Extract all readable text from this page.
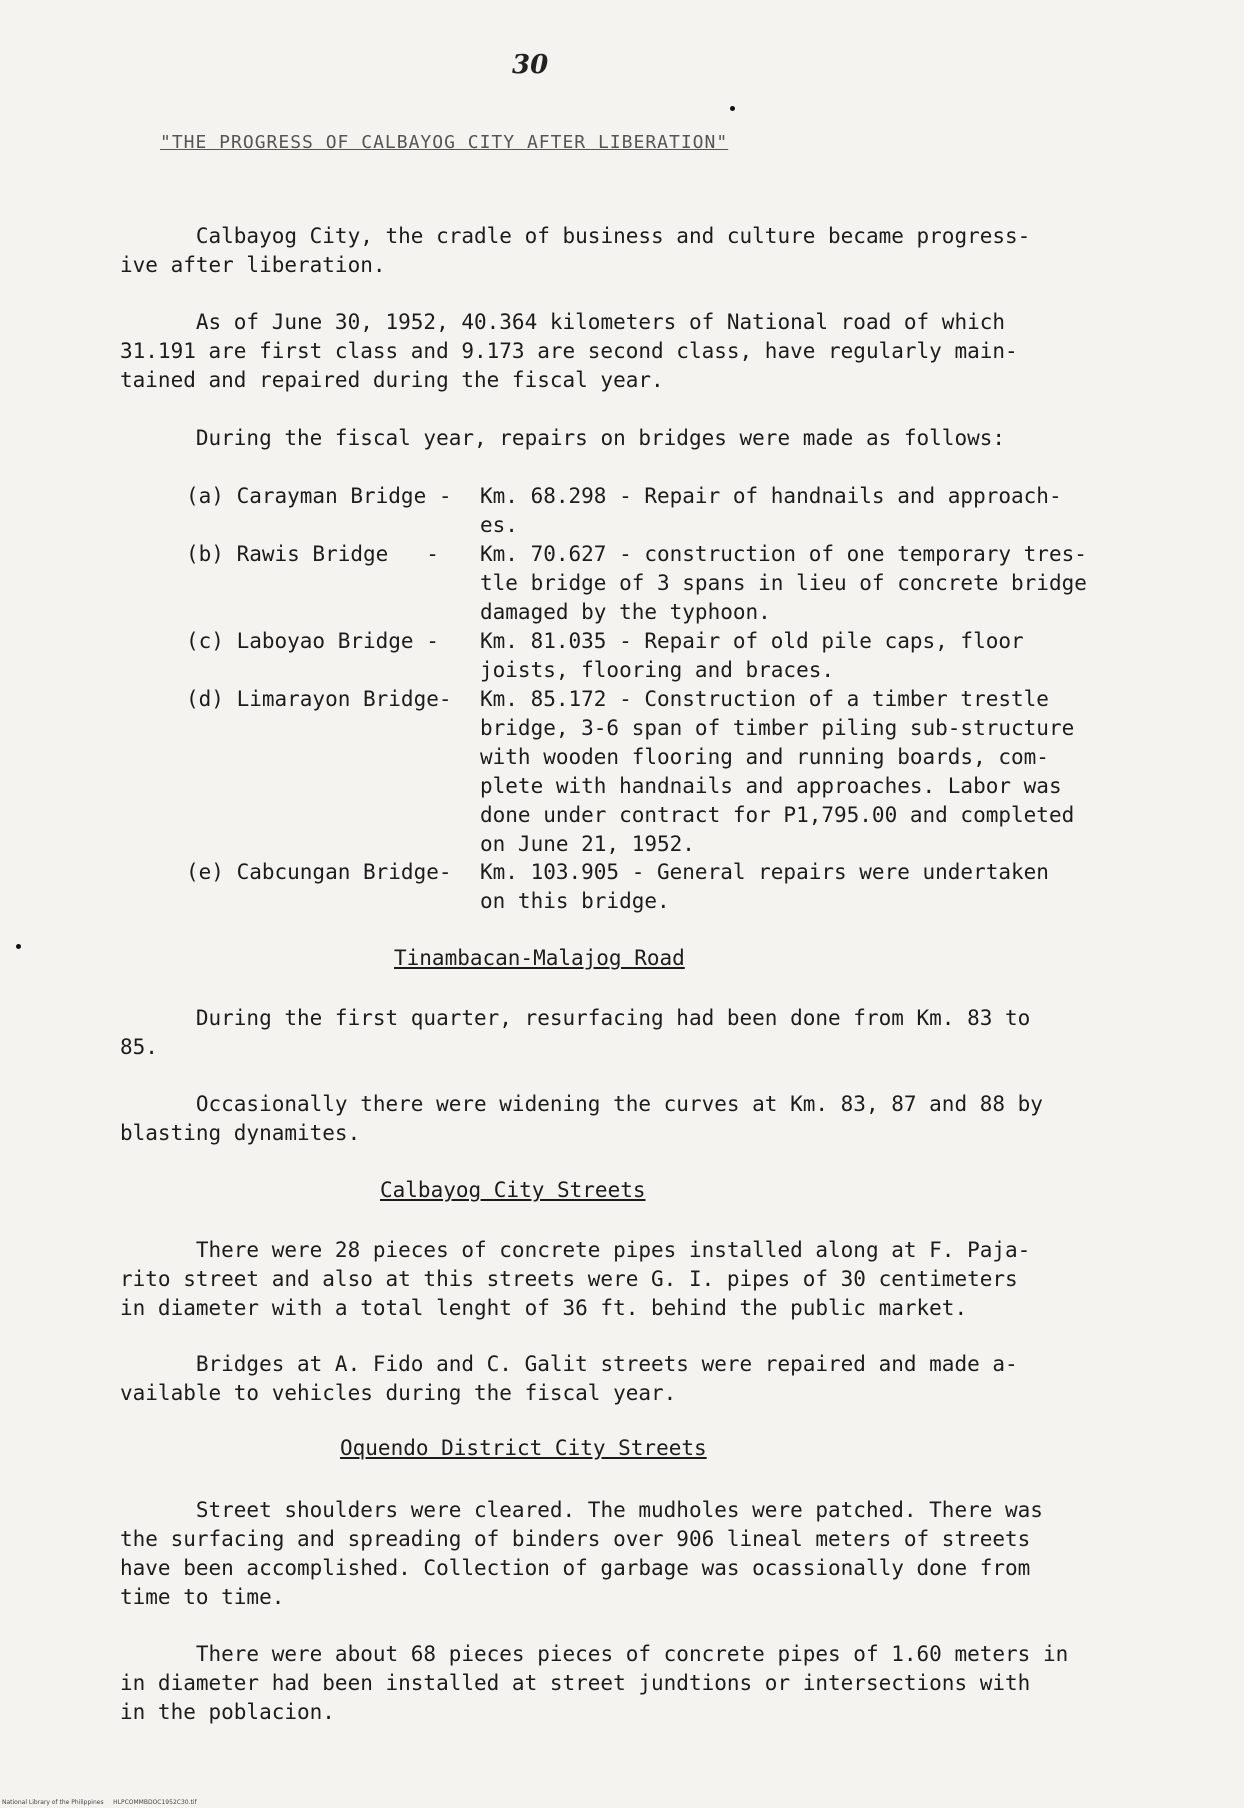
30
"THE PROGRESS OF CALBAYOG CITY AFTER LIBERATION"

Calbayog City, the cradle of business and culture became progress-
ive after liberation.

As of June 30, 1952, 40.364 kilometers of National road of which
31.191 are first class and 9.173 are second class, have regularly main-
tained and repaired during the fiscal year.

During the fiscal year, repairs on bridges were made as follows:

(a) Carayman Bridge - Km. 68.298 - Repair of handnails and approach-
es.
(b) Rawis Bridge   - Km. 70.627 - construction of one temporary tres-
tle bridge of 3 spans in lieu of concrete bridge
damaged by the typhoon.
(c) Laboyao Bridge - Km. 81.035 - Repair of old pile caps, floor
joists, flooring and braces.
(d) Limarayon Bridge- Km. 85.172 - Construction of a timber trestle
bridge, 3-6 span of timber piling sub-structure
with wooden flooring and running boards, com-
plete with handnails and approaches. Labor was
done under contract for P1,795.00 and completed
on June 21, 1952.
(e) Cabcungan Bridge- Km. 103.905 - General repairs were undertaken
on this bridge.
Tinambacan-Malajog Road

During the first quarter, resurfacing had been done from Km. 83 to
85.

Occasionally there were widening the curves at Km. 83, 87 and 88 by
blasting dynamites.

Calbayog City Streets

There were 28 pieces of concrete pipes installed along at F. Paja-
rito street and also at this streets were G. I. pipes of 30 centimeters
in diameter with a total lenght of 36 ft. behind the public market.

Bridges at A. Fido and C. Galit streets were repaired and made a-
vailable to vehicles during the fiscal year.

Oquendo District City Streets

Street shoulders were cleared. The mudholes were patched. There was
the surfacing and spreading of binders over 906 lineal meters of streets
have been accomplished. Collection of garbage was ocassionally done from
time to time.

There were about 68 pieces pieces of concrete pipes of 1.60 meters in
in diameter had been installed at street jundtions or intersections with
in the poblacion.

National Library of the Philippines     HLPCOMMBDOC1952C30.tif
